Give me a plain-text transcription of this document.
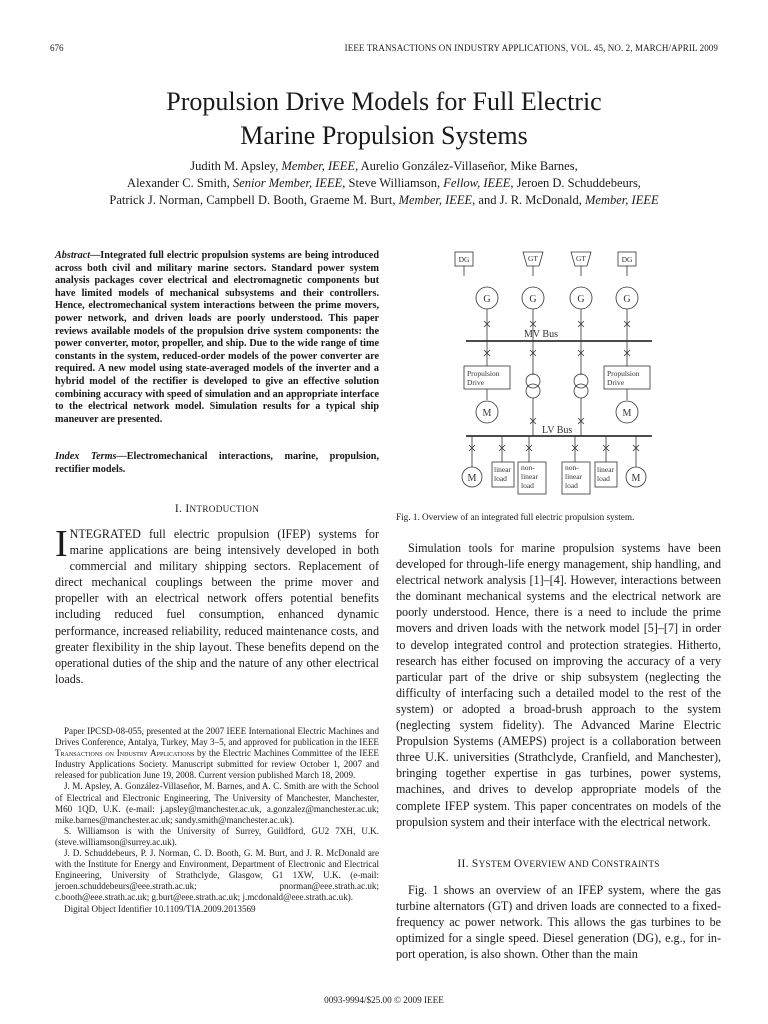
676	IEEE TRANSACTIONS ON INDUSTRY APPLICATIONS, VOL. 45, NO. 2, MARCH/APRIL 2009
Propulsion Drive Models for Full Electric
Marine Propulsion Systems
Judith M. Apsley, Member, IEEE, Aurelio González-Villaseñor, Mike Barnes,
Alexander C. Smith, Senior Member, IEEE, Steve Williamson, Fellow, IEEE, Jeroen D. Schuddebeurs,
Patrick J. Norman, Campbell D. Booth, Graeme M. Burt, Member, IEEE, and J. R. McDonald, Member, IEEE
Abstract—Integrated full electric propulsion systems are being introduced across both civil and military marine sectors. Standard power system analysis packages cover electrical and electromagnetic components but have limited models of mechanical subsystems and their controllers. Hence, electromechanical system interactions between the prime movers, power network, and driven loads are poorly understood. This paper reviews available models of the propulsion drive system components: the power converter, motor, propeller, and ship. Due to the wide range of time constants in the system, reduced-order models of the power converter are required. A new model using state-averaged models of the inverter and a hybrid model of the rectifier is developed to give an effective solution combining accuracy with speed of simulation and an appropriate interface to the electrical network model. Simulation results for a typical ship maneuver are presented.
Index Terms—Electromechanical interactions, marine, propulsion, rectifier models.
I. INTRODUCTION
INTEGRATED full electric propulsion (IFEP) systems for marine applications are being intensively developed in both commercial and military shipping sectors. Replacement of direct mechanical couplings between the prime mover and propeller with an electrical network offers potential benefits including reduced fuel consumption, enhanced dynamic performance, increased reliability, reduced maintenance costs, and greater flexibility in the ship layout. These benefits depend on the operational duties of the ship and the nature of any other electrical loads.

Paper IPCSD-08-055, presented at the 2007 IEEE International Electric Machines and Drives Conference, Antalya, Turkey, May 3–5, and approved for publication in the IEEE Transactions on Industry Applications by the Electric Machines Committee of the IEEE Industry Applications Society. Manuscript submitted for review October 1, 2007 and released for publication June 19, 2008. Current version published March 18, 2009.

J. M. Apsley, A. González-Villaseñor, M. Barnes, and A. C. Smith are with the School of Electrical and Electronic Engineering, The University of Manchester, Manchester, M60 1QD, U.K. (e-mail: j.apsley@manchester.ac.uk, a.gonzalez@manchester.ac.uk; mike.barnes@manchester.ac.uk; sandy.smith@manchester.ac.uk).

S. Williamson is with the University of Surrey, Guildford, GU2 7XH, U.K. (steve.williamson@surrey.ac.uk).

J. D. Schuddebeurs, P. J. Norman, C. D. Booth, G. M. Burt, and J. R. McDonald are with the Institute for Energy and Environment, Department of Electronic and Electrical Engineering, University of Strathclyde, Glasgow, G1 1XW, U.K. (e-mail: jeroen.schuddebeurs@eee.strath.ac.uk; pnorman@eee.strath.ac.uk; c.booth@eee.strath.ac.uk; g.burt@eee.strath.ac.uk; j.mcdonald@eee.strath.ac.uk).

Digital Object Identifier 10.1109/TIA.2009.2013569

DG	GT	GT	DG
G	G	G	G
M	M
M	M
MV Bus
LV Bus
Propulsion
Drive
Propulsion
Drive
linear
load
non-
linear
load
non-
linear
load
linear
load
Fig. 1. Overview of an integrated full electric propulsion system.
Simulation tools for marine propulsion systems have been developed for through-life energy management, ship handling, and electrical network analysis [1]–[4]. However, interactions between the dominant mechanical systems and the electrical network are poorly understood. Hence, there is a need to include the prime movers and driven loads with the network model [5]–[7] in order to develop integrated control and protection strategies. Hitherto, research has either focused on improving the accuracy of a very particular part of the drive or ship subsystem (neglecting the difficulty of interfacing such a detailed model to the rest of the system) or adopted a broad-brush approach to the system (neglecting system fidelity). The Advanced Marine Electric Propulsion Systems (AMEPS) project is a collaboration between three U.K. universities (Strathclyde, Cranfield, and Manchester), bringing together expertise in gas turbines, power systems, machines, and drives to develop appropriate models of the complete IFEP system. This paper concentrates on models of the propulsion system and their interface with the electrical network.
II. SYSTEM OVERVIEW AND CONSTRAINTS
Fig. 1 shows an overview of an IFEP system, where the gas turbine alternators (GT) and driven loads are connected to a fixed-frequency ac power network. This allows the gas turbines to be optimized for a single speed. Diesel generation (DG), e.g., for in-port operation, is also shown. Other than the main
0093-9994/$25.00 © 2009 IEEE
